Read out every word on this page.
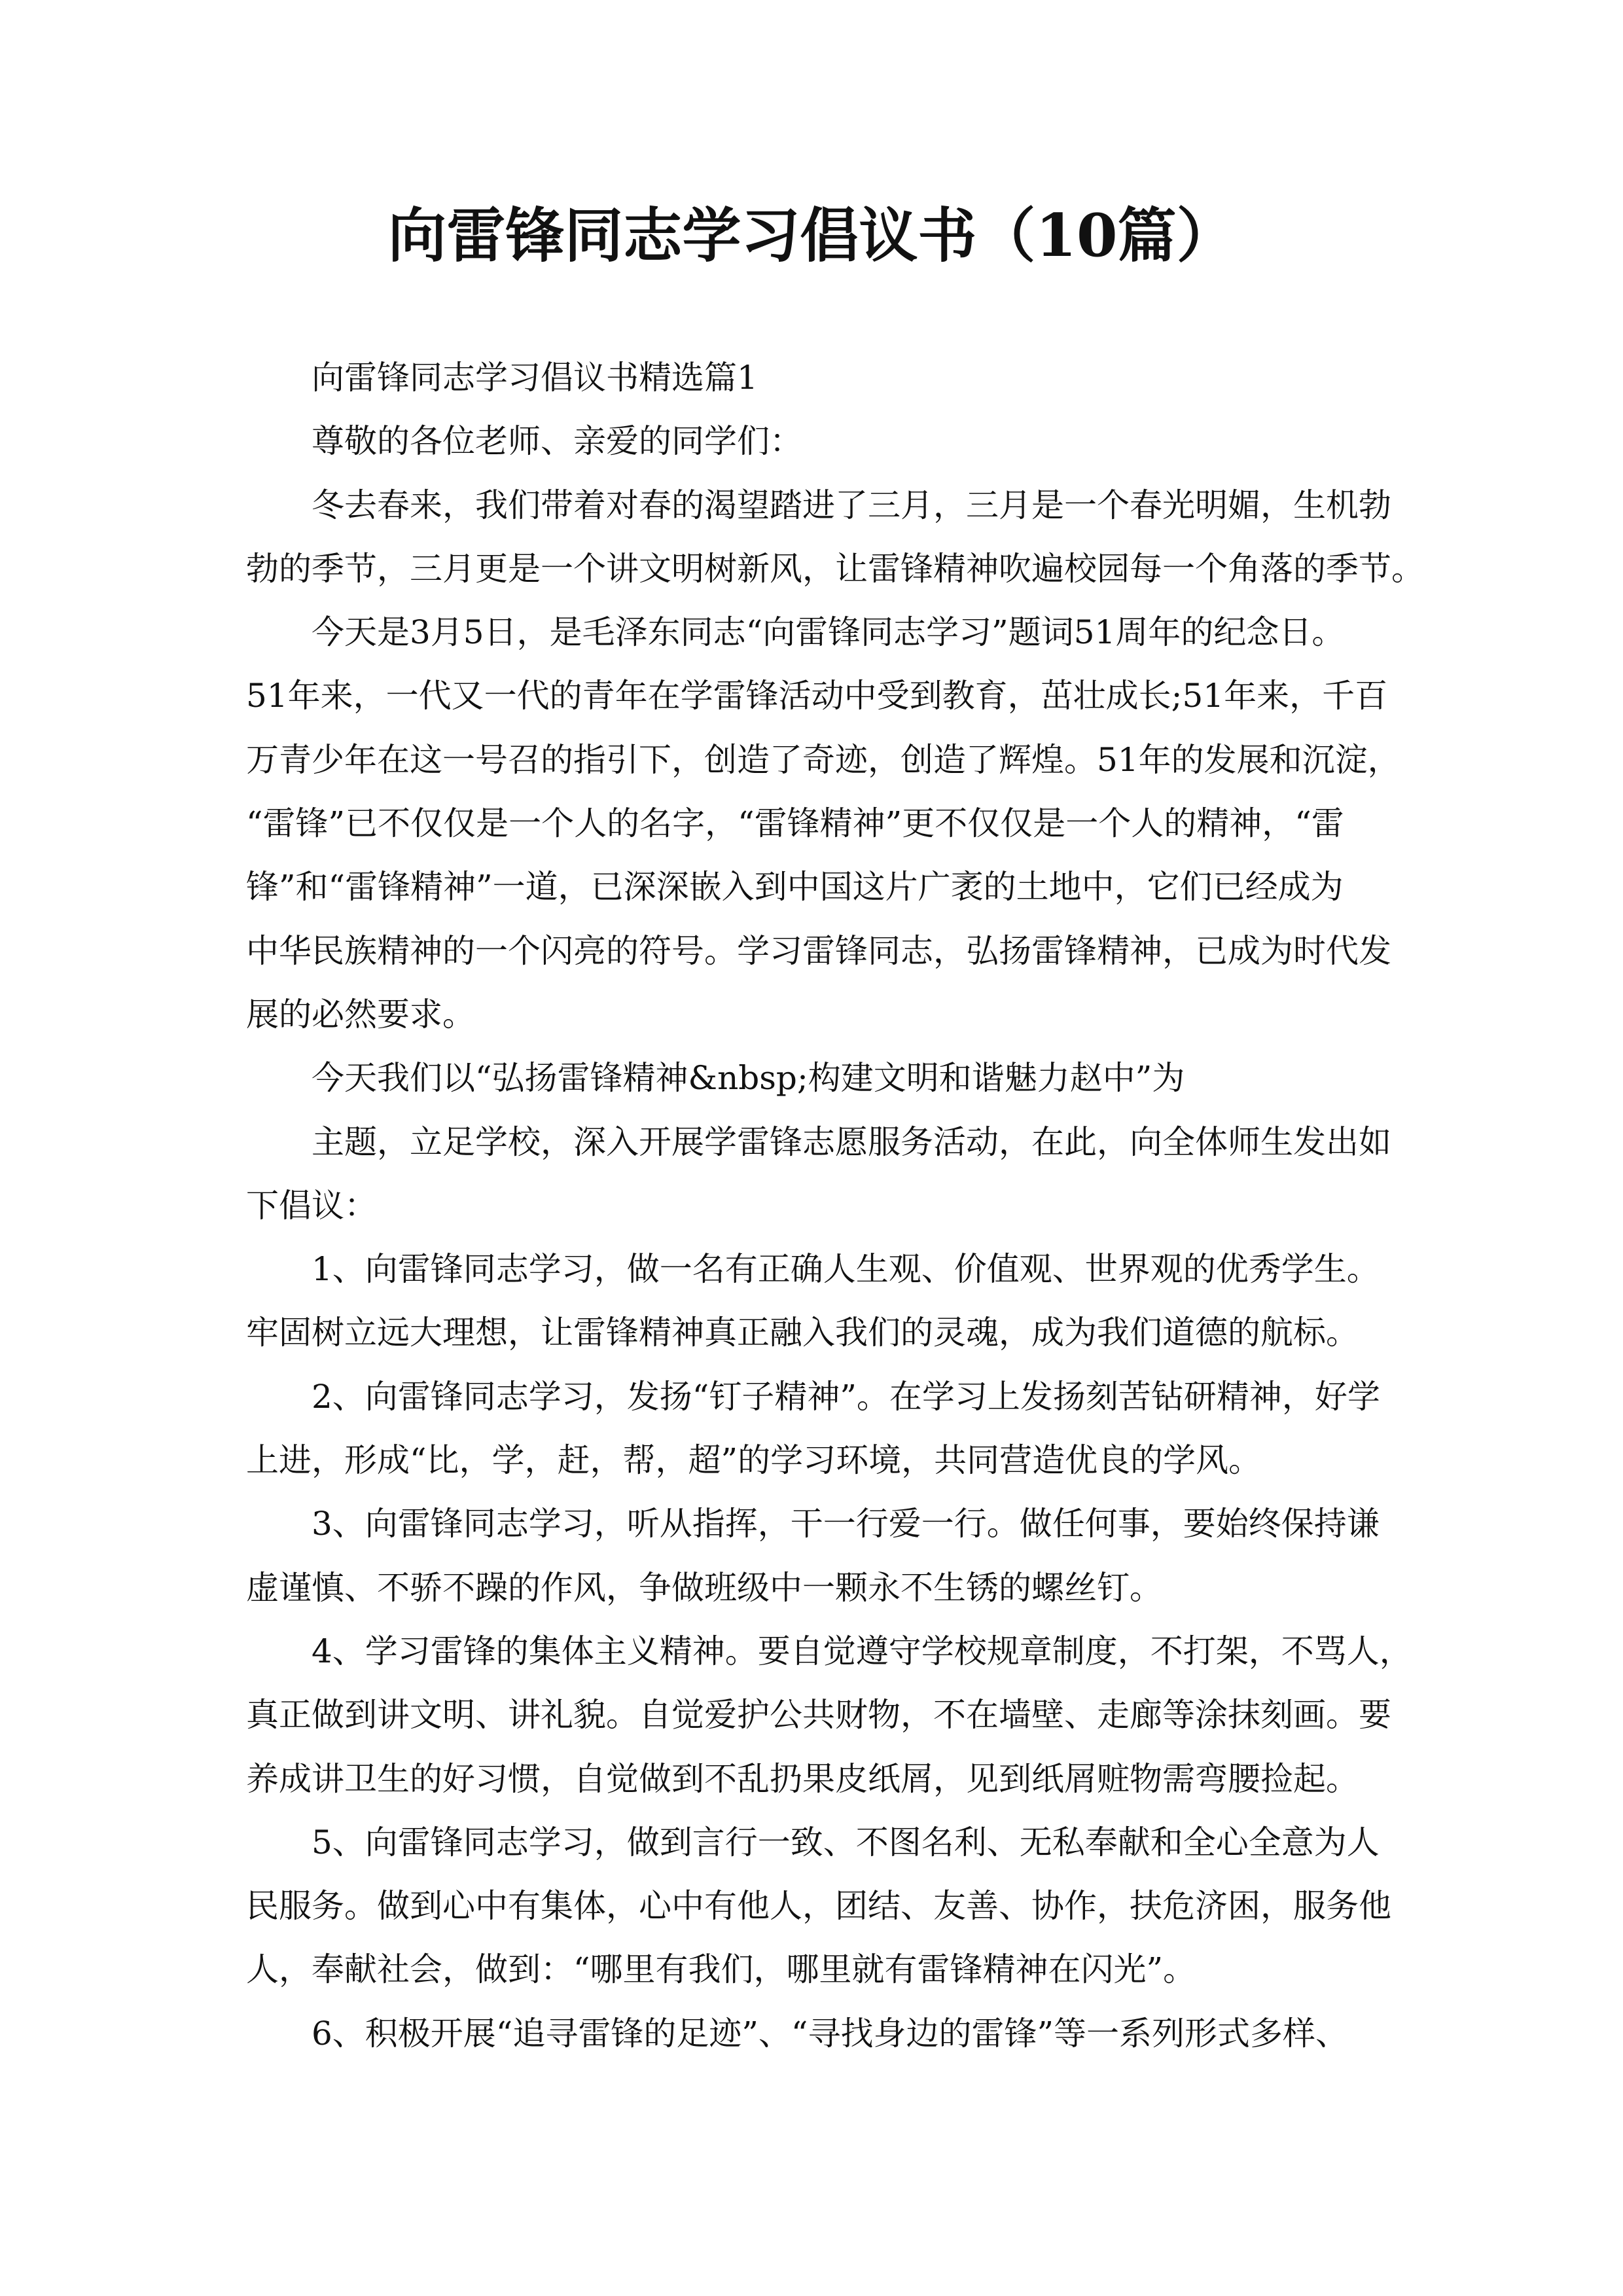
向雷锋同志学习倡议书（10篇）
向雷锋同志学习倡议书精选篇1
尊敬的各位老师、亲爱的同学们：
冬去春来，我们带着对春的渴望踏进了三月，三月是一个春光明媚，生机勃
勃的季节，三月更是一个讲文明树新风，让雷锋精神吹遍校园每一个角落的季节。
今天是3月5日，是毛泽东同志“向雷锋同志学习”题词51周年的纪念日。
51年来，一代又一代的青年在学雷锋活动中受到教育，茁壮成长;51年来，千百
万青少年在这一号召的指引下，创造了奇迹，创造了辉煌。51年的发展和沉淀，
“雷锋”已不仅仅是一个人的名字，“雷锋精神”更不仅仅是一个人的精神，“雷
锋”和“雷锋精神”一道，已深深嵌入到中国这片广袤的土地中，它们已经成为
中华民族精神的一个闪亮的符号。学习雷锋同志，弘扬雷锋精神，已成为时代发
展的必然要求。
今天我们以“弘扬雷锋精神&nbsp;构建文明和谐魅力赵中”为
主题，立足学校，深入开展学雷锋志愿服务活动，在此，向全体师生发出如
下倡议：
1、向雷锋同志学习，做一名有正确人生观、价值观、世界观的优秀学生。
牢固树立远大理想，让雷锋精神真正融入我们的灵魂，成为我们道德的航标。
2、向雷锋同志学习，发扬“钉子精神”。在学习上发扬刻苦钻研精神，好学
上进，形成“比，学，赶，帮，超”的学习环境，共同营造优良的学风。
3、向雷锋同志学习，听从指挥，干一行爱一行。做任何事，要始终保持谦
虚谨慎、不骄不躁的作风，争做班级中一颗永不生锈的螺丝钉。
4、学习雷锋的集体主义精神。要自觉遵守学校规章制度，不打架，不骂人，
真正做到讲文明、讲礼貌。自觉爱护公共财物，不在墙壁、走廊等涂抹刻画。要
养成讲卫生的好习惯，自觉做到不乱扔果皮纸屑，见到纸屑赃物需弯腰捡起。
5、向雷锋同志学习，做到言行一致、不图名利、无私奉献和全心全意为人
民服务。做到心中有集体，心中有他人，团结、友善、协作，扶危济困，服务他
人，奉献社会，做到：“哪里有我们，哪里就有雷锋精神在闪光”。
6、积极开展“追寻雷锋的足迹”、“寻找身边的雷锋”等一系列形式多样、
